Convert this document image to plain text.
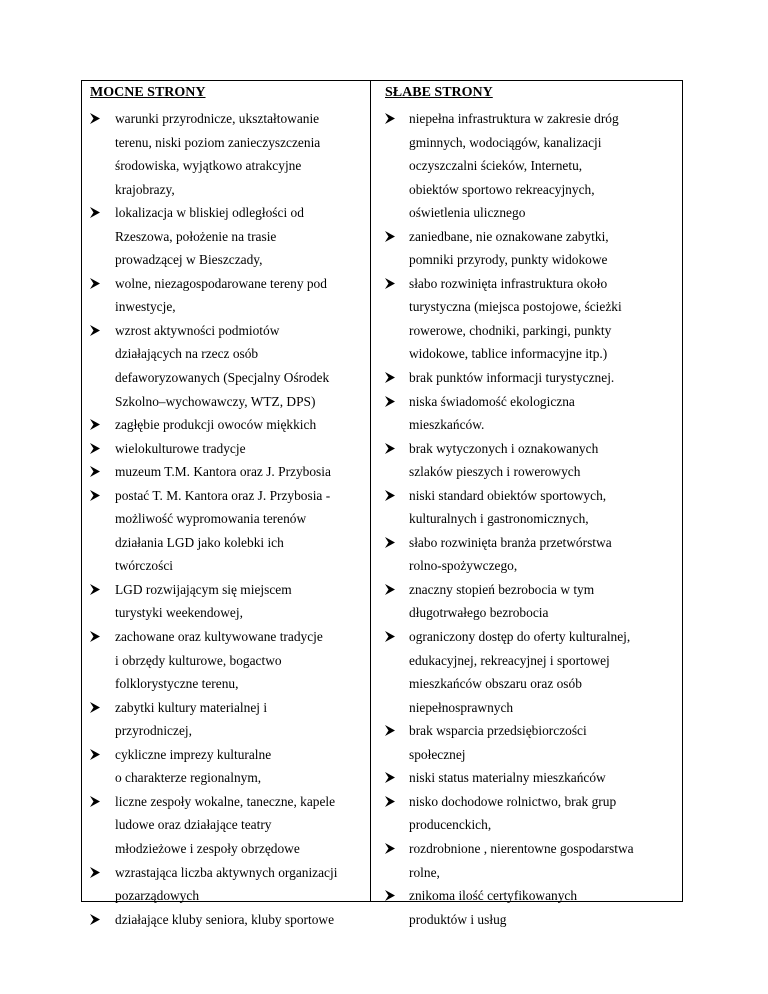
MOCNE STRONY
warunki przyrodnicze, ukształtowanie
terenu, niski poziom zanieczyszczenia
środowiska, wyjątkowo atrakcyjne
krajobrazy,
lokalizacja w bliskiej odległości od
Rzeszowa, położenie na trasie
prowadzącej w Bieszczady,
wolne, niezagospodarowane tereny pod
inwestycje,
wzrost aktywności podmiotów
działających na rzecz osób
defaworyzowanych (Specjalny Ośrodek
Szkolno–wychowawczy, WTZ, DPS)
zagłębie produkcji owoców miękkich
wielokulturowe tradycje
muzeum T.M. Kantora oraz J. Przybosia
postać T. M. Kantora oraz J. Przybosia -
możliwość wypromowania terenów
działania LGD jako kolebki ich
twórczości
LGD rozwijającym się miejscem
turystyki weekendowej,
zachowane oraz kultywowane tradycje
i obrzędy kulturowe, bogactwo
folklorystyczne terenu,
zabytki kultury materialnej i
przyrodniczej,
cykliczne imprezy kulturalne
o charakterze regionalnym,
liczne zespoły wokalne, taneczne, kapele
ludowe oraz działające teatry
młodzieżowe i zespoły obrzędowe
wzrastająca liczba aktywnych organizacji
pozarządowych
działające kluby seniora, kluby sportowe
SŁABE STRONY
niepełna infrastruktura w zakresie dróg
gminnych, wodociągów, kanalizacji
oczyszczalni ścieków, Internetu,
obiektów sportowo rekreacyjnych,
oświetlenia ulicznego
zaniedbane, nie oznakowane zabytki,
pomniki przyrody, punkty widokowe
słabo rozwinięta infrastruktura około
turystyczna (miejsca postojowe, ścieżki
rowerowe, chodniki, parkingi, punkty
widokowe, tablice informacyjne itp.)
brak punktów informacji turystycznej.
niska świadomość ekologiczna
mieszkańców.
brak wytyczonych i oznakowanych
szlaków pieszych i rowerowych
niski standard obiektów sportowych,
kulturalnych i gastronomicznych,
słabo rozwinięta branża przetwórstwa
rolno-spożywczego,
znaczny stopień bezrobocia w tym
długotrwałego bezrobocia
ograniczony dostęp do oferty kulturalnej,
edukacyjnej, rekreacyjnej i sportowej
mieszkańców obszaru oraz osób
niepełnosprawnych
brak wsparcia przedsiębiorczości
społecznej
niski status materialny mieszkańców
nisko dochodowe rolnictwo, brak grup
producenckich,
rozdrobnione , nierentowne gospodarstwa
rolne,
znikoma ilość certyfikowanych
produktów i usług
